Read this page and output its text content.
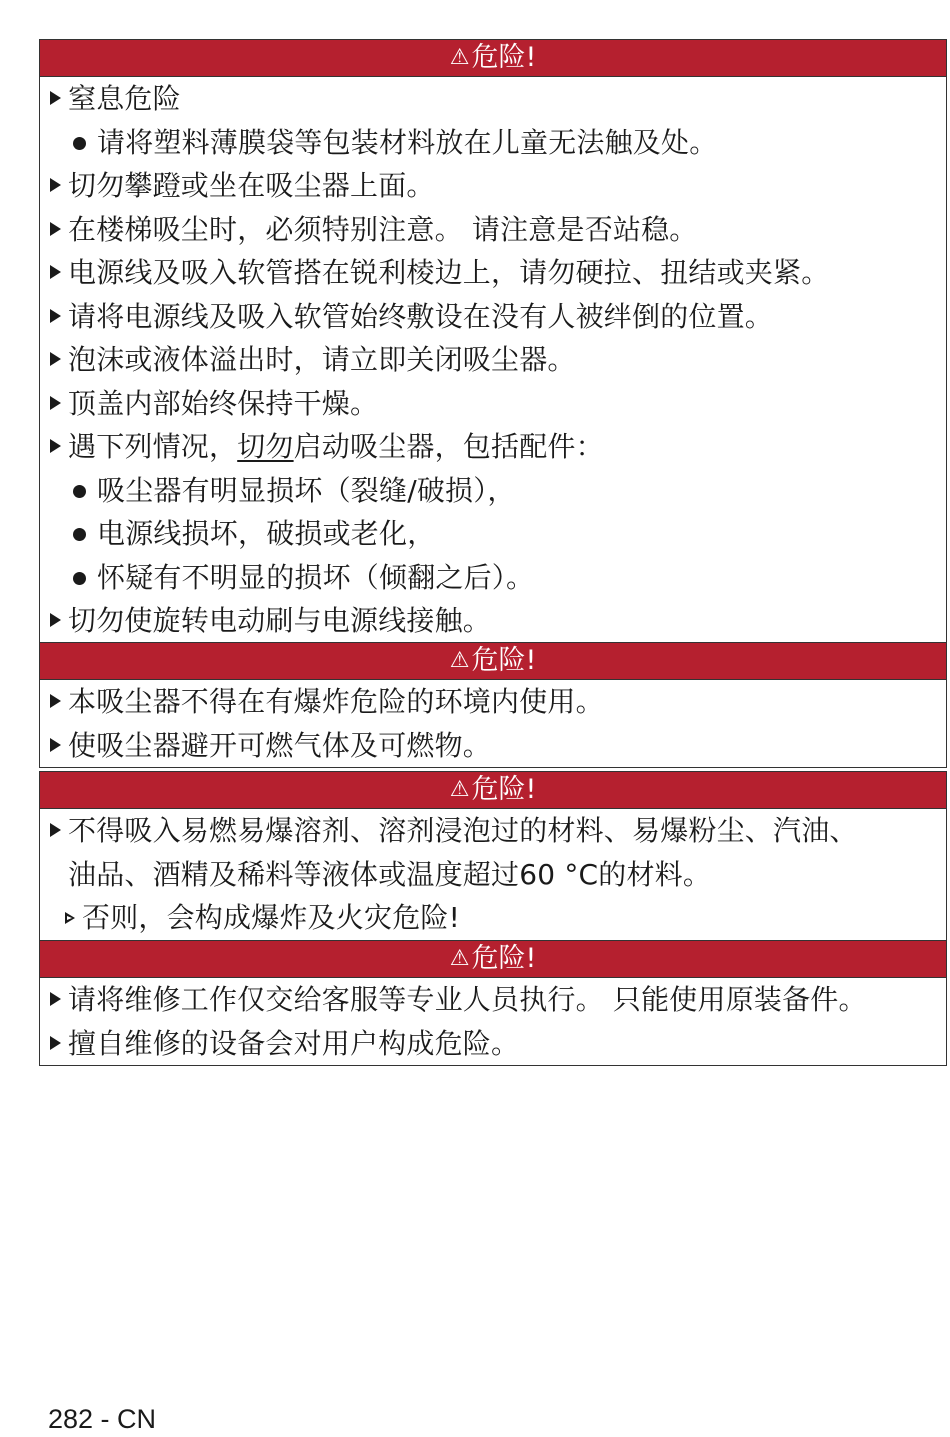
⚠危险!
窒息危险
请将塑料薄膜袋等包装材料放在儿童无法触及处。
切勿攀蹬或坐在吸尘器上面。
在楼梯吸尘时，必须特别注意。 请注意是否站稳。
电源线及吸入软管搭在锐利棱边上，请勿硬拉、扭结或夹紧。
请将电源线及吸入软管始终敷设在没有人被绊倒的位置。
泡沫或液体溢出时，请立即关闭吸尘器。
顶盖内部始终保持干燥。
遇下列情况，切勿启动吸尘器，包括配件：
吸尘器有明显损坏（裂缝/破损），
电源线损坏，破损或老化，
怀疑有不明显的损坏（倾翻之后）。
切勿使旋转电动刷与电源线接触。
⚠危险!
本吸尘器不得在有爆炸危险的环境内使用。
使吸尘器避开可燃气体及可燃物。
⚠危险!
不得吸入易燃易爆溶剂、溶剂浸泡过的材料、易爆粉尘、汽油、
油品、酒精及稀料等液体或温度超过60 °C的材料。
否则，会构成爆炸及火灾危险!
⚠危险!
请将维修工作仅交给客服等专业人员执行。 只能使用原装备件。
擅自维修的设备会对用户构成危险。
282 - CN
